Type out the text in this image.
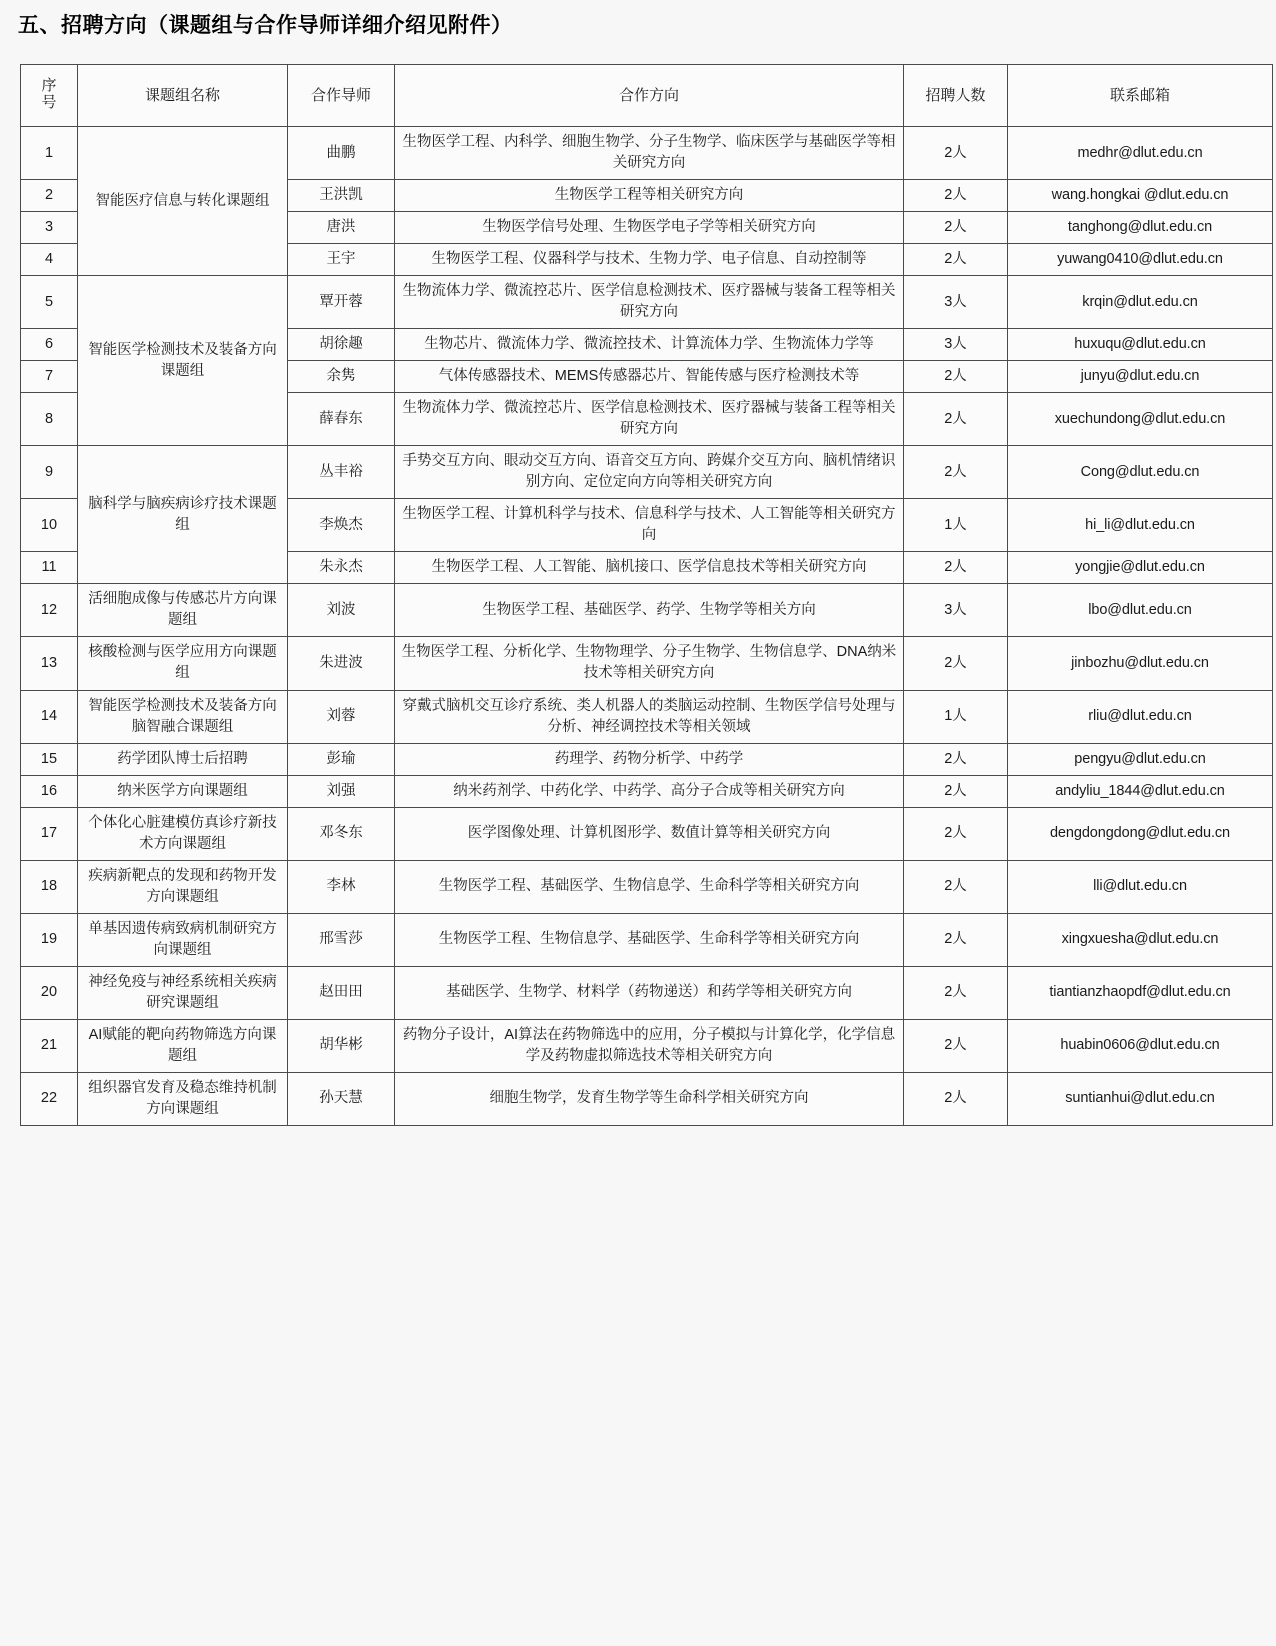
五、招聘方向（课题组与合作导师详细介绍见附件）
序
号	课题组名称	合作导师	合作方向	招聘人数	联系邮箱
1	智能医疗信息与转化课题组	曲鹏	生物医学工程、内科学、细胞生物学、分子生物学、临床医学与基础医学等相关研究方向	2人	medhr@dlut.edu.cn
2		王洪凯	生物医学工程等相关研究方向	2人	wang.hongkai @dlut.edu.cn
3		唐洪	生物医学信号处理、生物医学电子学等相关研究方向	2人	tanghong@dlut.edu.cn
4		王宇	生物医学工程、仪器科学与技术、生物力学、电子信息、自动控制等	2人	yuwang0410@dlut.edu.cn
5	智能医学检测技术及装备方向课题组	覃开蓉	生物流体力学、微流控芯片、医学信息检测技术、医疗器械与装备工程等相关研究方向	3人	krqin@dlut.edu.cn
6		胡徐趣	生物芯片、微流体力学、微流控技术、计算流体力学、生物流体力学等	3人	huxuqu@dlut.edu.cn
7		余隽	气体传感器技术、MEMS传感器芯片、智能传感与医疗检测技术等	2人	junyu@dlut.edu.cn
8		薛春东	生物流体力学、微流控芯片、医学信息检测技术、医疗器械与装备工程等相关研究方向	2人	xuechundong@dlut.edu.cn
9	脑科学与脑疾病诊疗技术课题组	丛丰裕	手势交互方向、眼动交互方向、语音交互方向、跨媒介交互方向、脑机情绪识别方向、定位定向方向等相关研究方向	2人	Cong@dlut.edu.cn
10		李焕杰	生物医学工程、计算机科学与技术、信息科学与技术、人工智能等相关研究方向	1人	hi_li@dlut.edu.cn
11		朱永杰	生物医学工程、人工智能、脑机接口、医学信息技术等相关研究方向	2人	yongjie@dlut.edu.cn
12	活细胞成像与传感芯片方向课题组	刘波	生物医学工程、基础医学、药学、生物学等相关方向	3人	lbo@dlut.edu.cn
13	核酸检测与医学应用方向课题组	朱进波	生物医学工程、分析化学、生物物理学、分子生物学、生物信息学、DNA纳米技术等相关研究方向	2人	jinbozhu@dlut.edu.cn
14	智能医学检测技术及装备方向脑智融合课题组	刘蓉	穿戴式脑机交互诊疗系统、类人机器人的类脑运动控制、生物医学信号处理与分析、神经调控技术等相关领域	1人	rliu@dlut.edu.cn
15	药学团队博士后招聘	彭瑜	药理学、药物分析学、中药学	2人	pengyu@dlut.edu.cn
16	纳米医学方向课题组	刘强	纳米药剂学、中药化学、中药学、高分子合成等相关研究方向	2人	andyliu_1844@dlut.edu.cn
17	个体化心脏建模仿真诊疗新技术方向课题组	邓冬东	医学图像处理、计算机图形学、数值计算等相关研究方向	2人	dengdongdong@dlut.edu.cn
18	疾病新靶点的发现和药物开发方向课题组	李林	生物医学工程、基础医学、生物信息学、生命科学等相关研究方向	2人	lli@dlut.edu.cn
19	单基因遗传病致病机制研究方向课题组	邢雪莎	生物医学工程、生物信息学、基础医学、生命科学等相关研究方向	2人	xingxuesha@dlut.edu.cn
20	神经免疫与神经系统相关疾病研究课题组	赵田田	基础医学、生物学、材料学（药物递送）和药学等相关研究方向	2人	tiantianzhaopdf@dlut.edu.cn
21	AI赋能的靶向药物筛选方向课题组	胡华彬	药物分子设计，AI算法在药物筛选中的应用，分子模拟与计算化学，化学信息学及药物虚拟筛选技术等相关研究方向	2人	huabin0606@dlut.edu.cn
22	组织器官发育及稳态维持机制方向课题组	孙天慧	细胞生物学，发育生物学等生命科学相关研究方向	2人	suntianhui@dlut.edu.cn
